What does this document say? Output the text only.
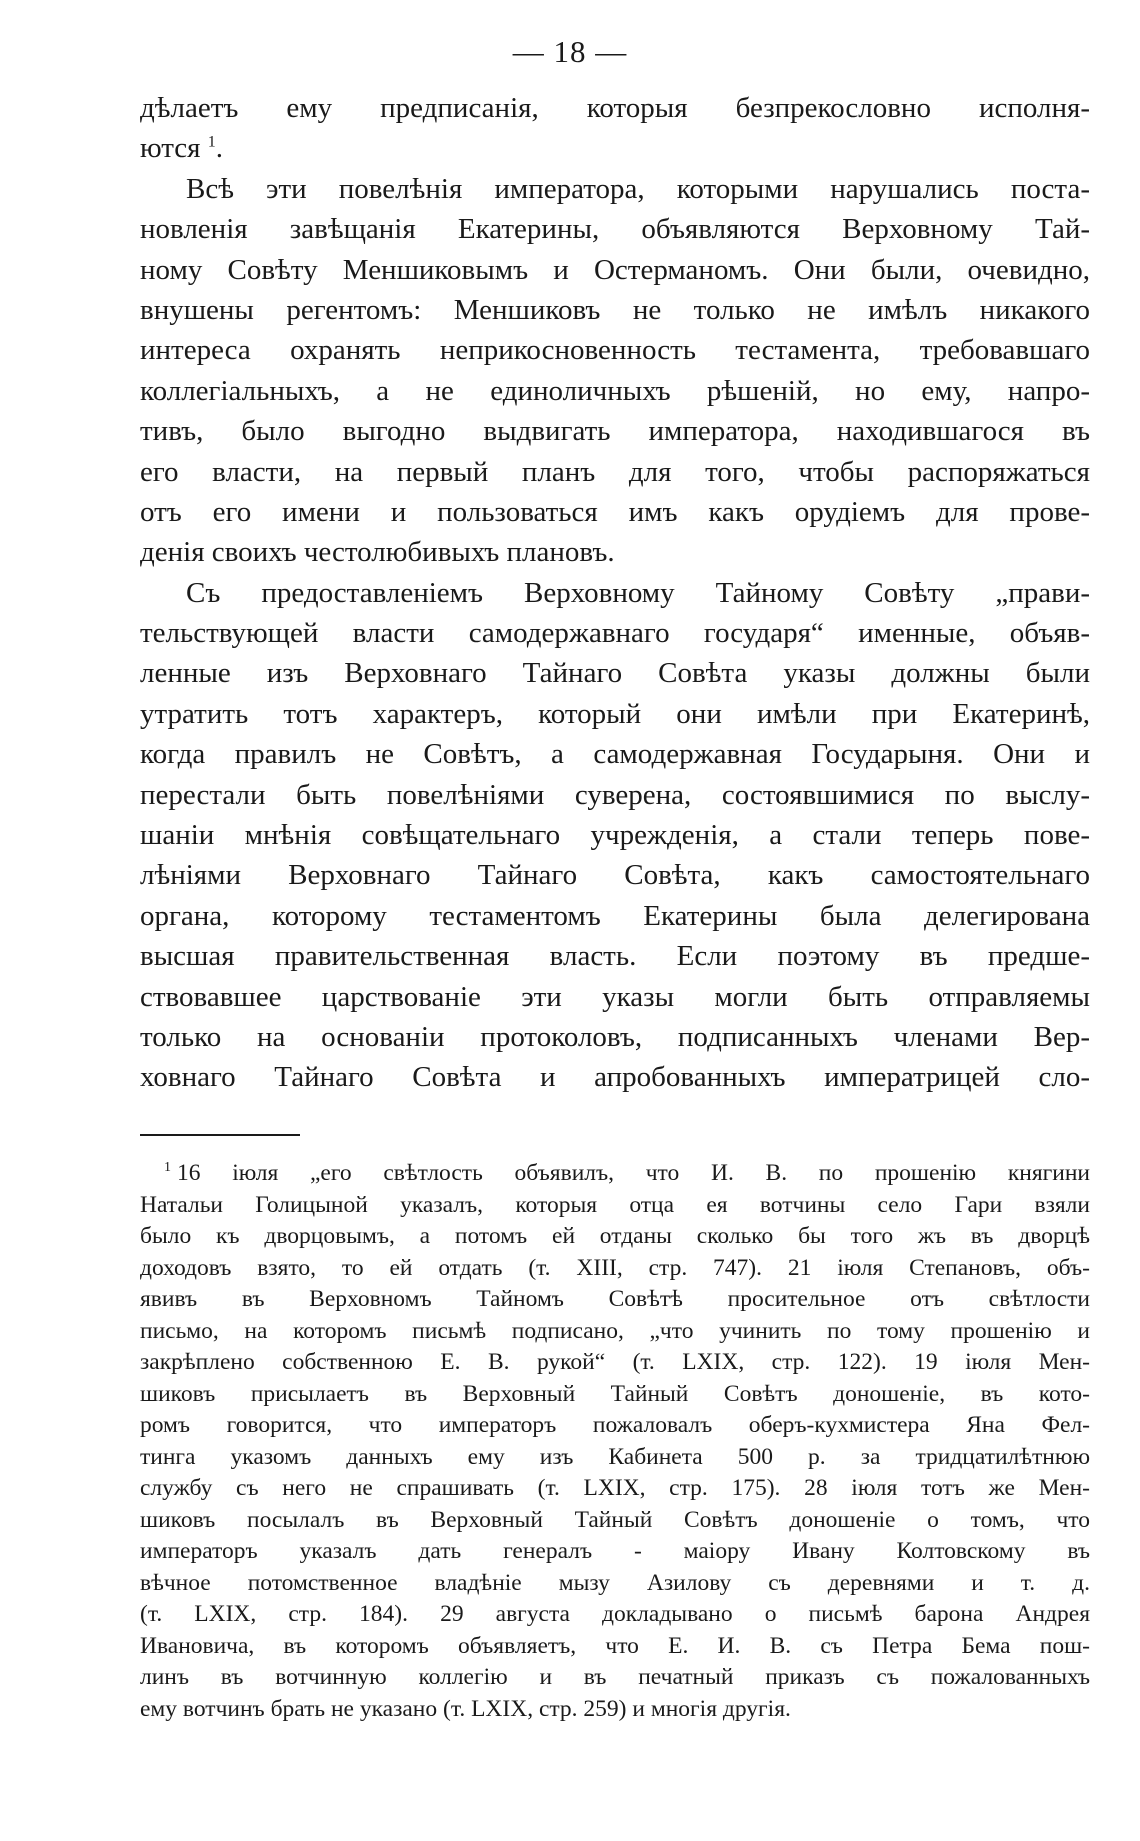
— 18 —
дѣлаетъ ему предписанія, которыя безпрекословно исполня-
ются $^1$.
Всѣ эти повелѣнія императора, которыми нарушались поста-
новленія завѣщанія Екатерины, объявляются Верховному Тай-
ному Совѣту Меншиковымъ и Остерманомъ. Они были, очевидно,
внушены регентомъ: Меншиковъ не только не имѣлъ никакого
интереса охранять неприкосновенность тестамента, требовавшаго
коллегіальныхъ, а не единоличныхъ рѣшеній, но ему, напро-
тивъ, было выгодно выдвигать императора, находившагося въ
его власти, на первый планъ для того, чтобы распоряжаться
отъ его имени и пользоваться имъ какъ орудіемъ для прове-
денія своихъ честолюбивыхъ плановъ.
Съ предоставленіемъ Верховному Тайному Совѣту „прави-
тельствующей власти самодержавнаго государя“ именные, объяв-
ленные изъ Верховнаго Тайнаго Совѣта указы должны были
утратить тотъ характеръ, который они имѣли при Екатеринѣ,
когда правилъ не Совѣтъ, а самодержавная Государыня. Они и
перестали быть повелѣніями суверена, состоявшимися по выслу-
шаніи мнѣнія совѣщательнаго учрежденія, а стали теперь пове-
лѣніями Верховнаго Тайнаго Совѣта, какъ самостоятельнаго
органа, которому тестаментомъ Екатерины была делегирована
высшая правительственная власть. Если поэтому въ предше-
ствовавшее царствованіе эти указы могли быть отправляемы
только на основаніи протоколовъ, подписанныхъ членами Вер-
ховнаго Тайнаго Совѣта и апробованныхъ императрицей сло-
$^1$ 16 іюля „его свѣтлость объявилъ, что И. В. по прошенію княгини
Натальи Голицыной указалъ, которыя отца ея вотчины село Гари взяли
было къ дворцовымъ, а потомъ ей отданы сколько бы того жъ въ дворцѣ
доходовъ взято, то ей отдать (т. XIII, стр. 747). 21 іюля Степановъ, объ-
явивъ въ Верховномъ Тайномъ Совѣтѣ просительное отъ свѣтлости
письмо, на которомъ письмѣ подписано, „что учинить по тому прошенію и
закрѣплено собственною Е. В. рукой“ (т. LXIX, стр. 122). 19 іюля Мен-
шиковъ присылаетъ въ Верховный Тайный Совѣтъ доношеніе, въ кото-
ромъ говорится, что императоръ пожаловалъ оберъ-кухмистера Яна Фел-
тинга указомъ данныхъ ему изъ Кабинета 500 р. за тридцатилѣтнюю
службу съ него не спрашивать (т. LXIX, стр. 175). 28 іюля тотъ же Мен-
шиковъ посылалъ въ Верховный Тайный Совѣтъ доношеніе о томъ, что
императоръ указалъ дать генералъ - маіору Ивану Колтовскому въ
вѣчное потомственное владѣніе мызу Азилову съ деревнями и т. д.
(т. LXIX, стр. 184). 29 августа докладывано о письмѣ барона Андрея
Ивановича, въ которомъ объявляетъ, что Е. И. В. съ Петра Бема пош-
линъ въ вотчинную коллегію и въ печатный приказъ съ пожалованныхъ
ему вотчинъ брать не указано (т. LXIX, стр. 259) и многія другія.
